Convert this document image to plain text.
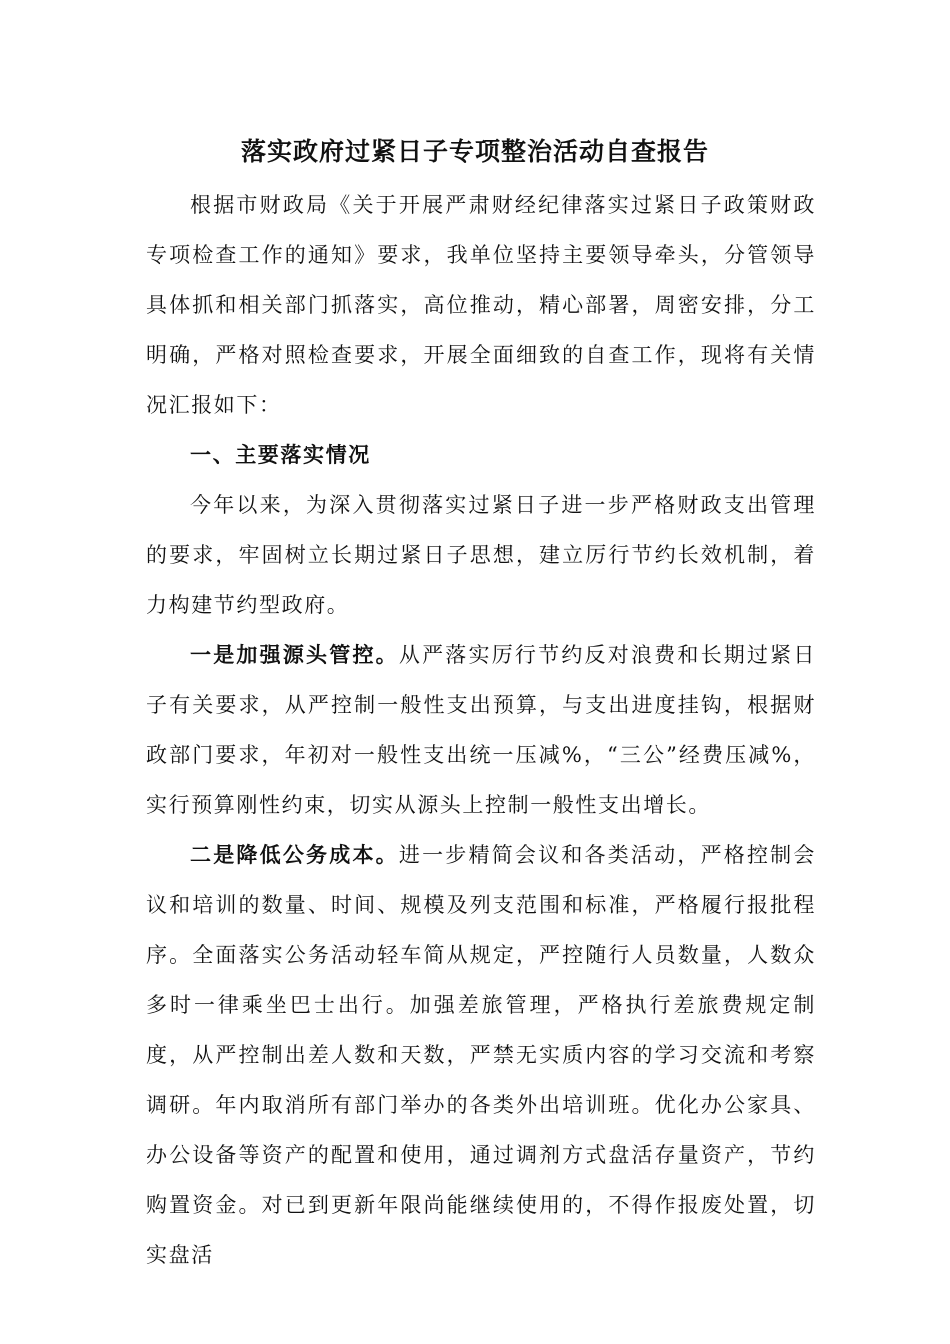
落实政府过紧日子专项整治活动自查报告

根据市财政局《关于开展严肃财经纪律落实过紧日子政策财政专项检查工作的通知》要求，我单位坚持主要领导牵头，分管领导具体抓和相关部门抓落实，高位推动，精心部署，周密安排，分工明确，严格对照检查要求，开展全面细致的自查工作，现将有关情况汇报如下：

一、主要落实情况

今年以来，为深入贯彻落实过紧日子进一步严格财政支出管理的要求，牢固树立长期过紧日子思想，建立厉行节约长效机制，着力构建节约型政府。

一是加强源头管控。从严落实厉行节约反对浪费和长期过紧日子有关要求，从严控制一般性支出预算，与支出进度挂钩，根据财政部门要求，年初对一般性支出统一压减%，“三公”经费压减%，实行预算刚性约束，切实从源头上控制一般性支出增长。

二是降低公务成本。进一步精简会议和各类活动，严格控制会议和培训的数量、时间、规模及列支范围和标准，严格履行报批程序。全面落实公务活动轻车简从规定，严控随行人员数量，人数众多时一律乘坐巴士出行。加强差旅管理，严格执行差旅费规定制度，从严控制出差人数和天数，严禁无实质内容的学习交流和考察调研。年内取消所有部门举办的各类外出培训班。优化办公家具、办公设备等资产的配置和使用，通过调剂方式盘活存量资产，节约购置资金。对已到更新年限尚能继续使用的，不得作报废处置，切实盘活
